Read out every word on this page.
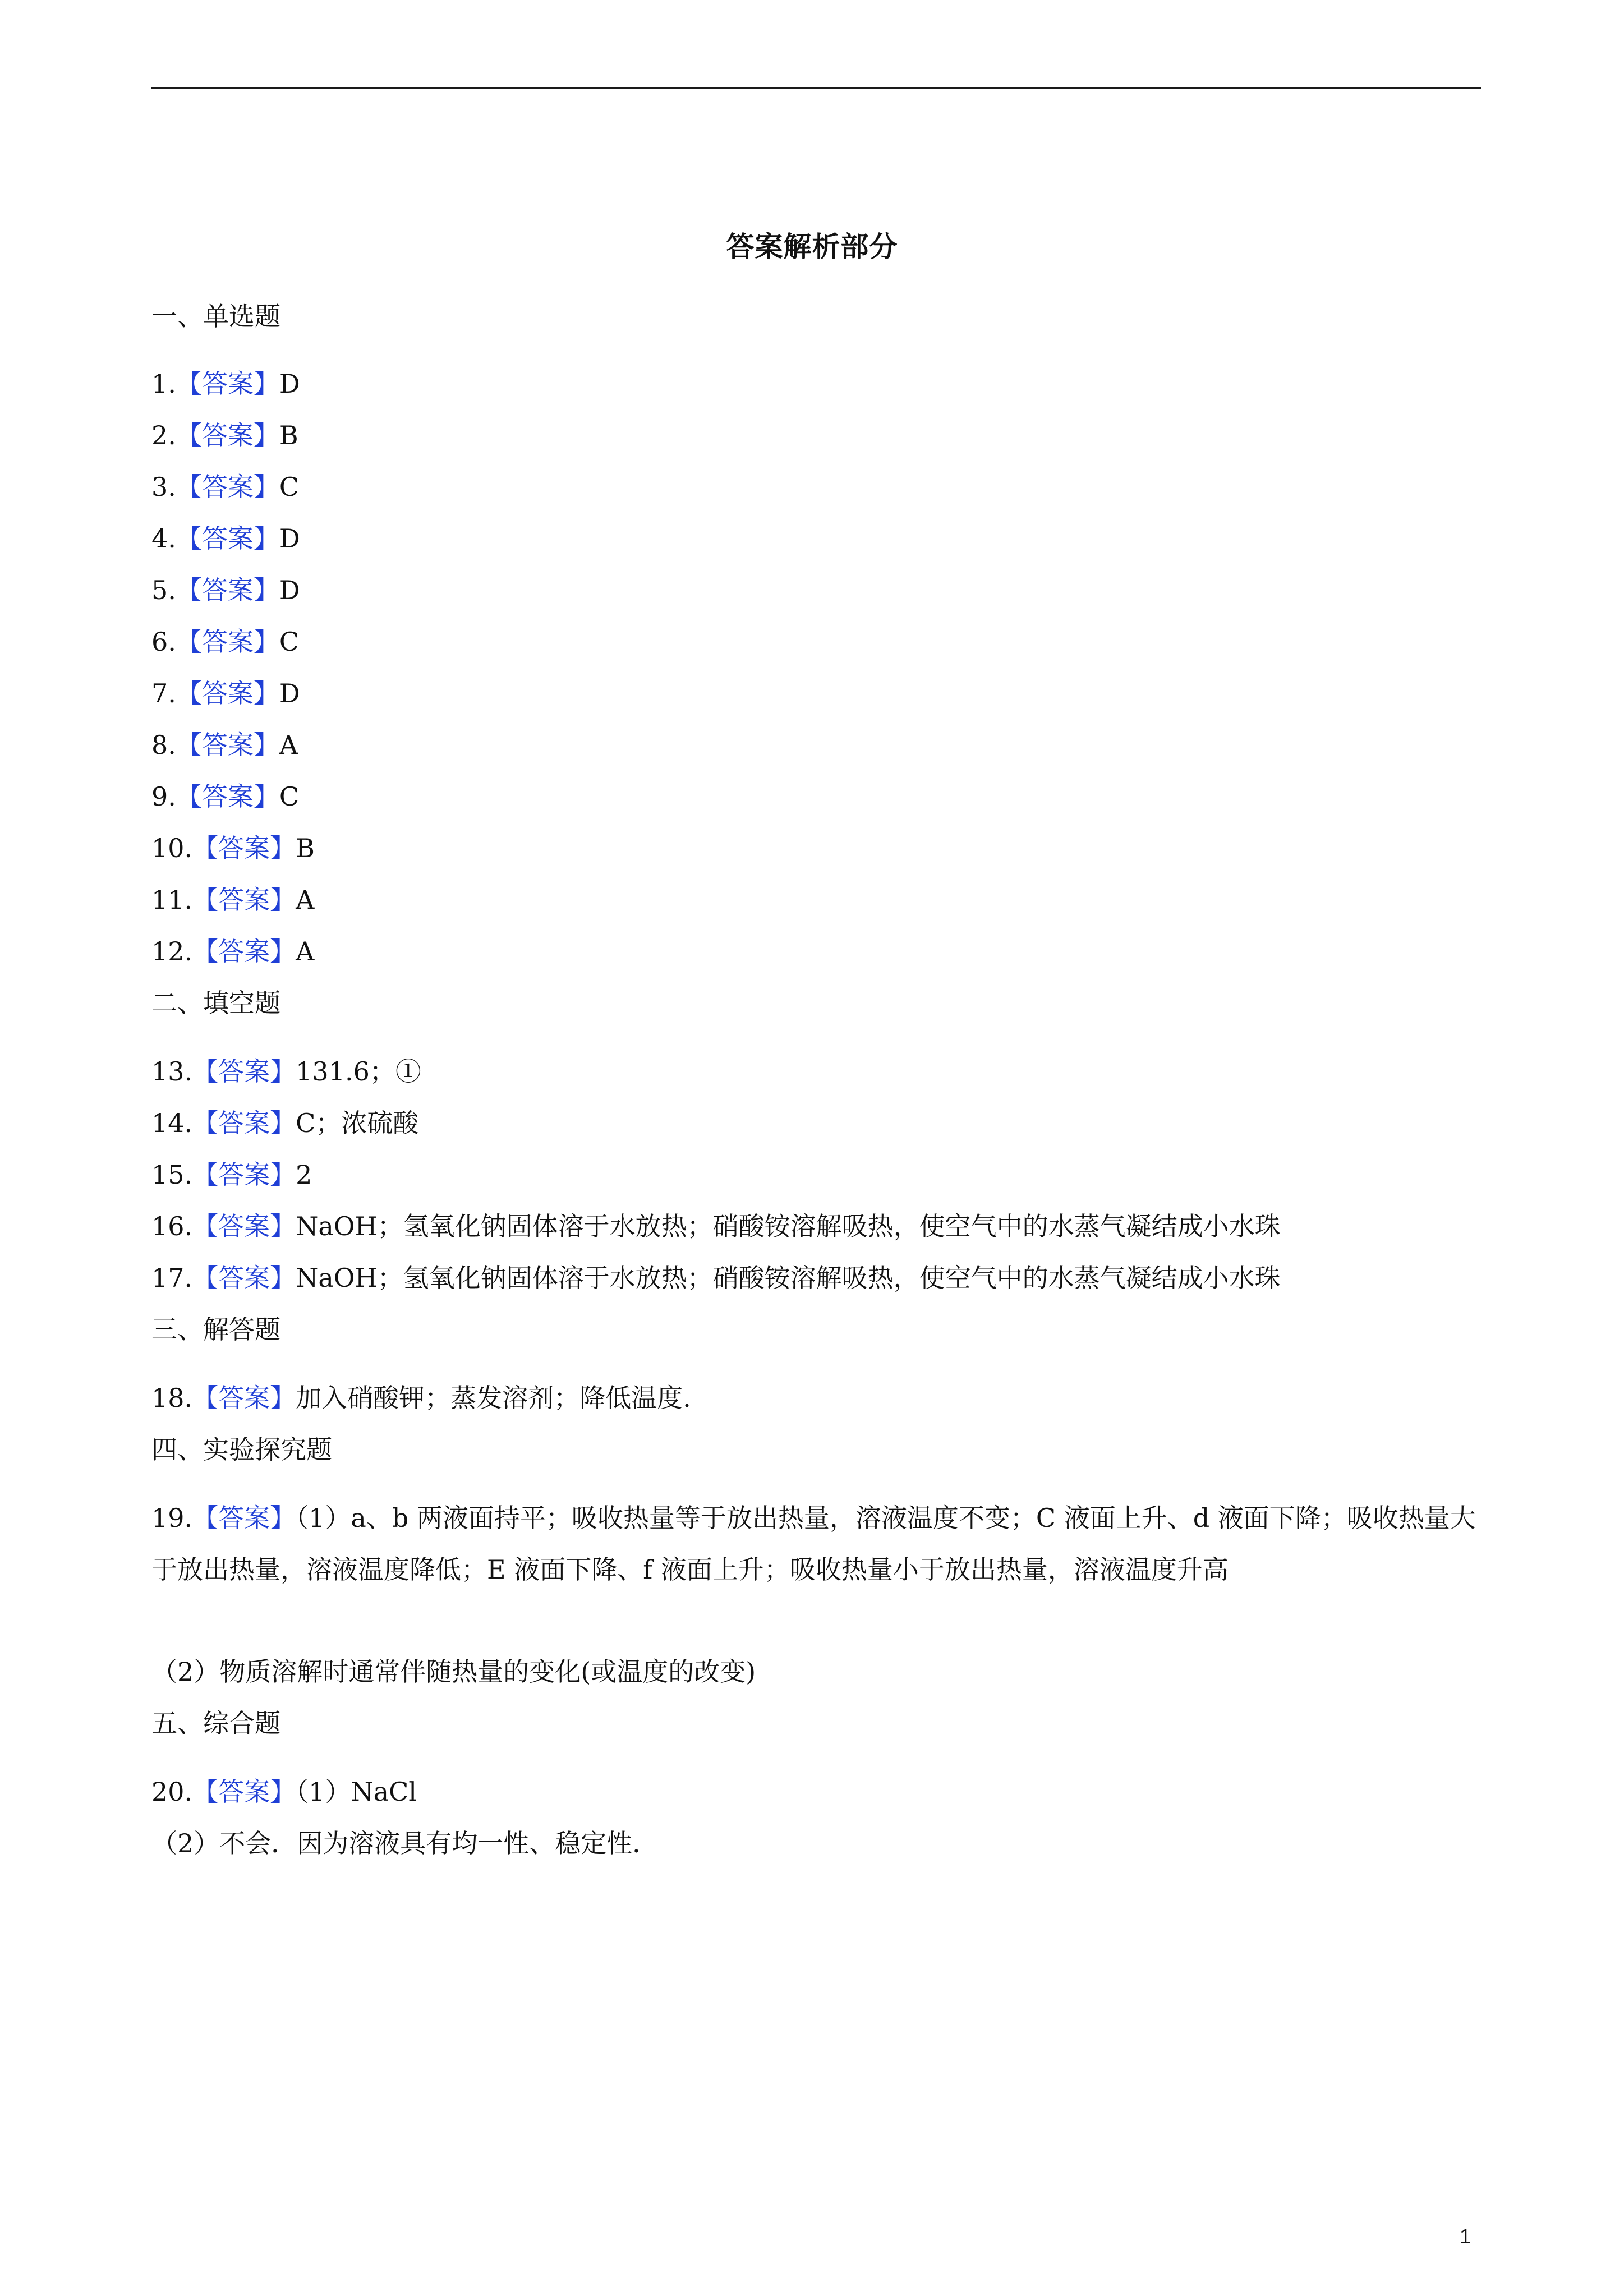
答案解析部分
一、单选题
1.【答案】D
2.【答案】B
3.【答案】C
4.【答案】D
5.【答案】D
6.【答案】C
7.【答案】D
8.【答案】A
9.【答案】C
10.【答案】B
11.【答案】A
12.【答案】A
二、填空题
13.【答案】131.6；①
14.【答案】C；浓硫酸
15.【答案】2
16.【答案】NaOH；氢氧化钠固体溶于水放热；硝酸铵溶解吸热，使空气中的水蒸气凝结成小水珠
17.【答案】NaOH；氢氧化钠固体溶于水放热；硝酸铵溶解吸热，使空气中的水蒸气凝结成小水珠
三、解答题
18.【答案】加入硝酸钾；蒸发溶剂；降低温度.
四、实验探究题
19.【答案】（1）a、b 两液面持平；吸收热量等于放出热量，溶液温度不变；C 液面上升、d 液面下降；吸收热量大于放出热量，溶液温度降低；E 液面下降、f 液面上升；吸收热量小于放出热量，溶液温度升高
（2）物质溶解时通常伴随热量的变化(或温度的改变)
五、综合题
20.【答案】（1）NaCl
（2）不会．因为溶液具有均一性、稳定性．
1
